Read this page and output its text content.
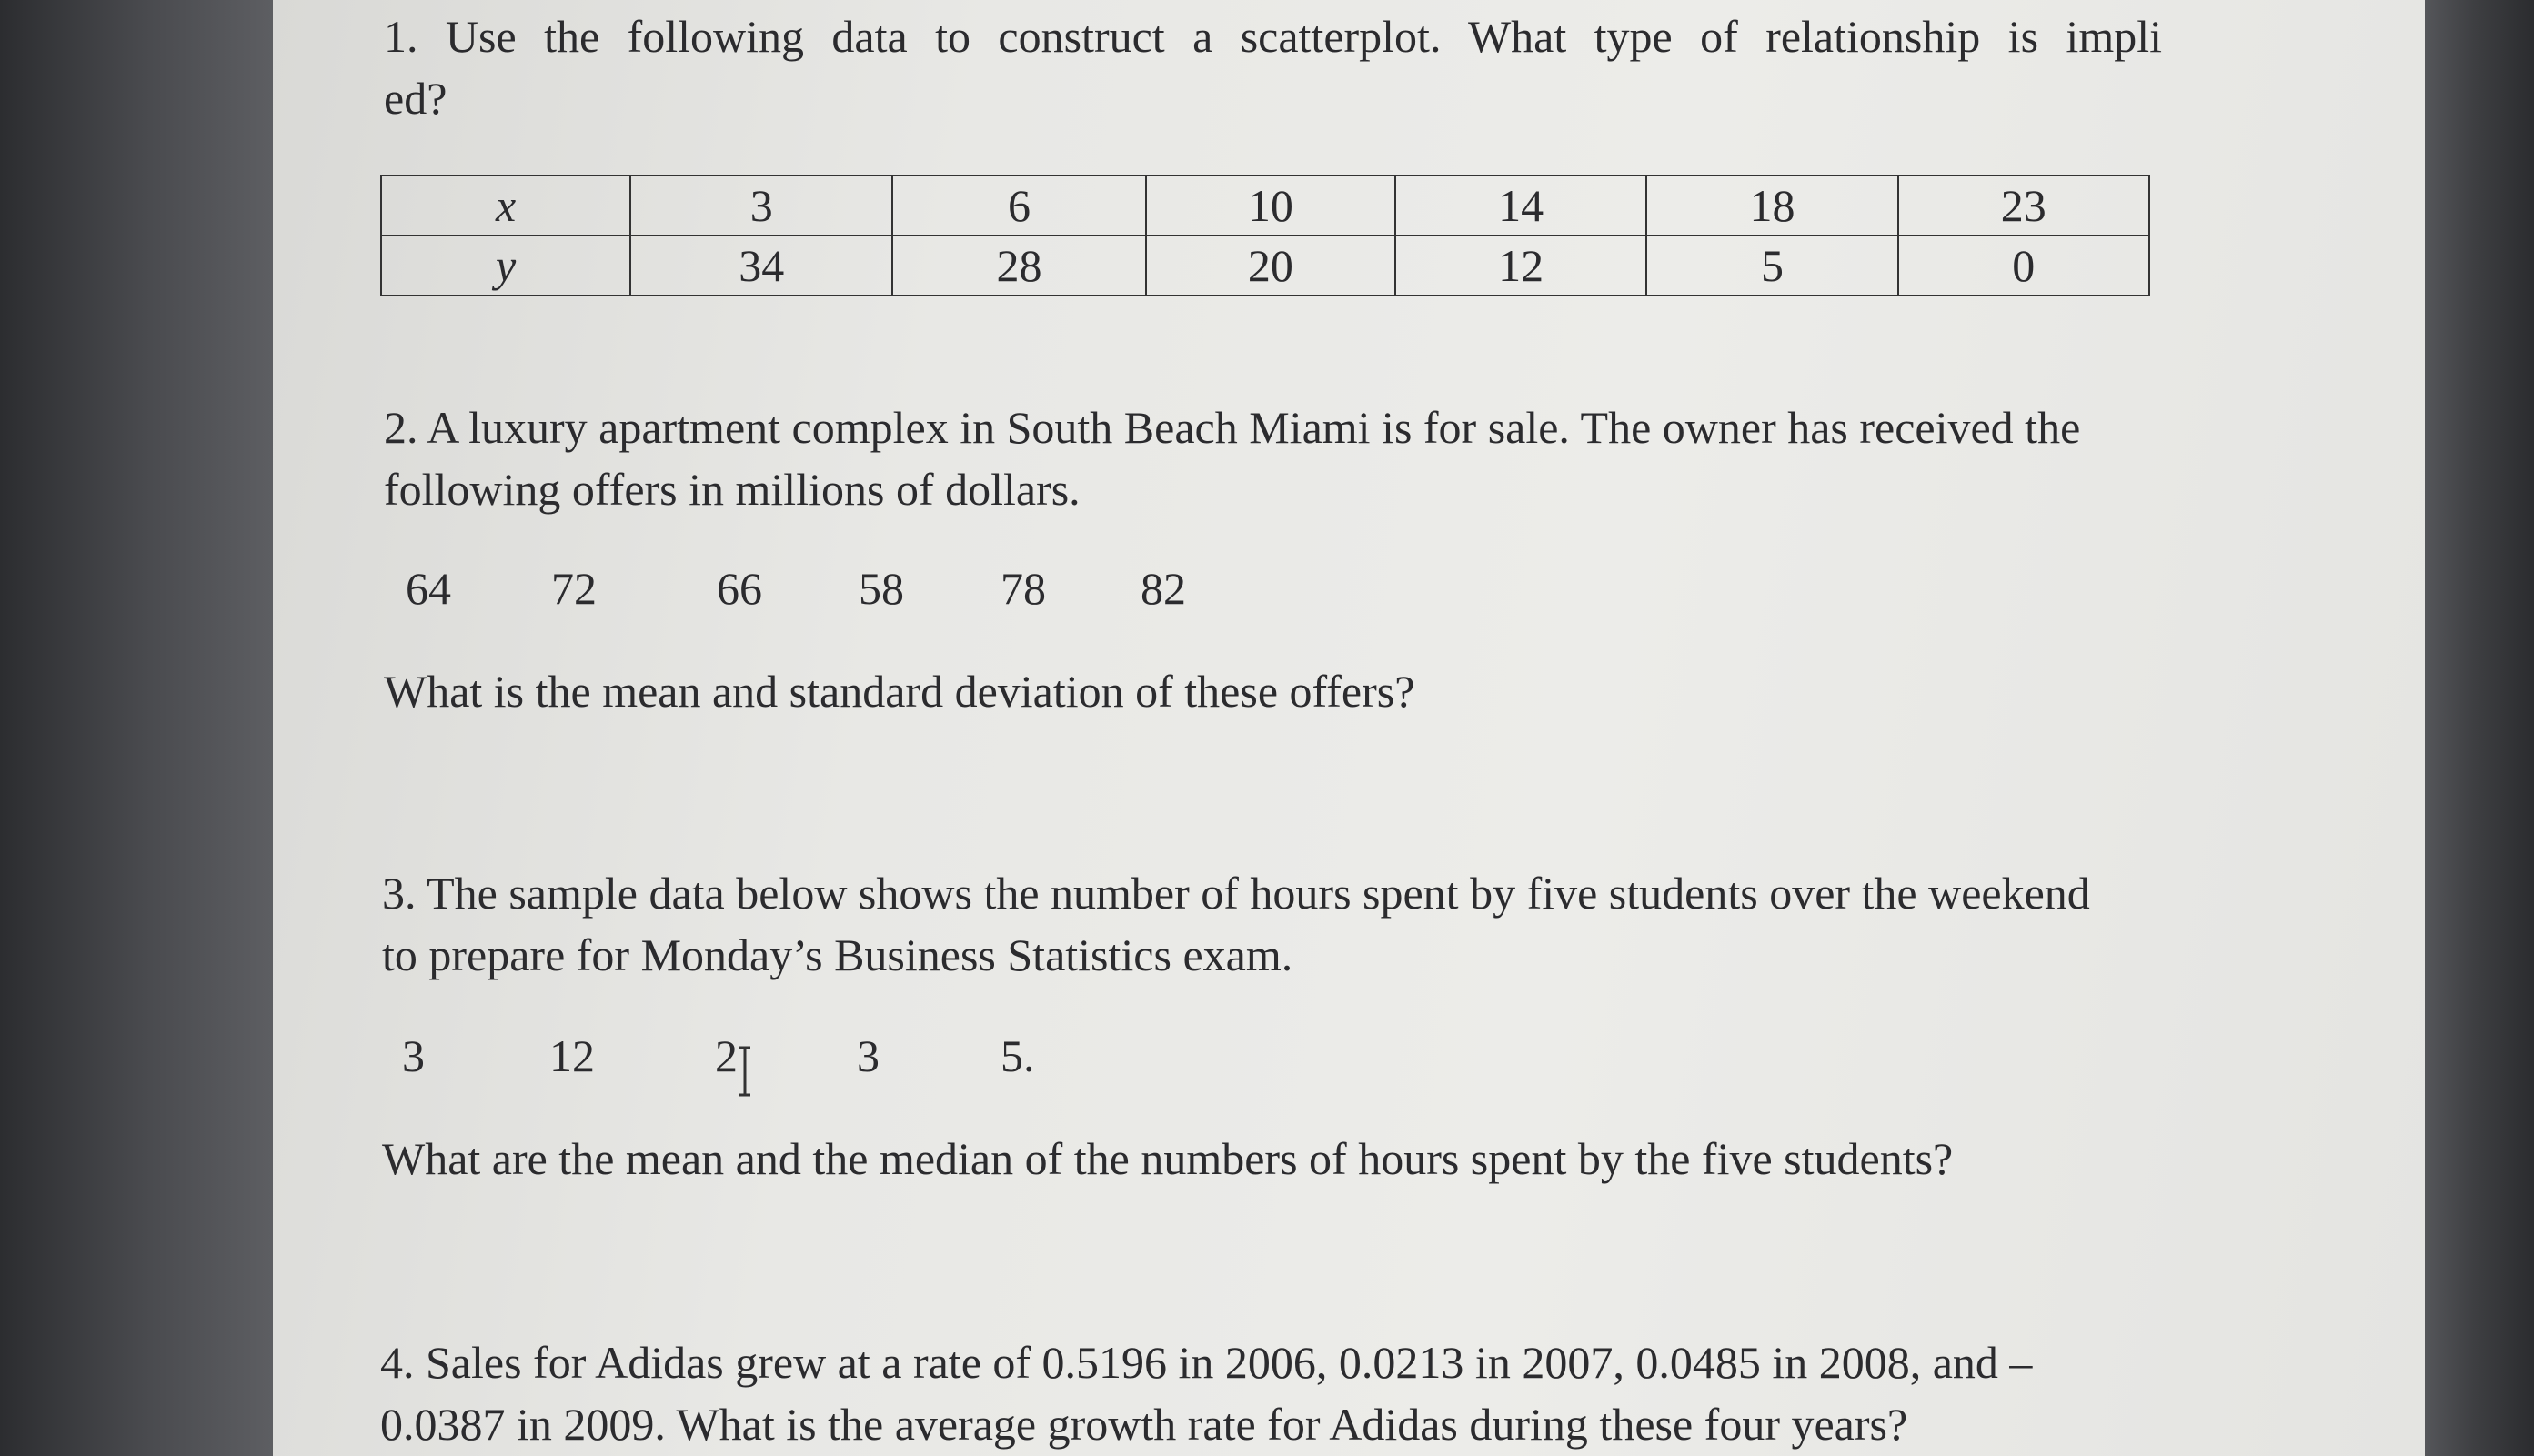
1. Use the following data to construct a scatterplot. What type of relationship is impli
ed?
x	3	6	10	14	18	23
y	34	28	20	12	5	0
2. A luxury apartment complex in South Beach Miami is for sale. The owner has received the
following offers in millions of dollars.
64 72	66 58 78 82
What is the mean and standard deviation of these offers?
3. The sample data below shows the number of hours spent by five students over the weekend
to prepare for Monday’s Business Statistics exam.
3	12	2	3	5.
What are the mean and the median of the numbers of hours spent by the five students?
4. Sales for Adidas grew at a rate of 0.5196 in 2006, 0.0213 in 2007, 0.0485 in 2008, and –
0.0387 in 2009. What is the average growth rate for Adidas during these four years?
